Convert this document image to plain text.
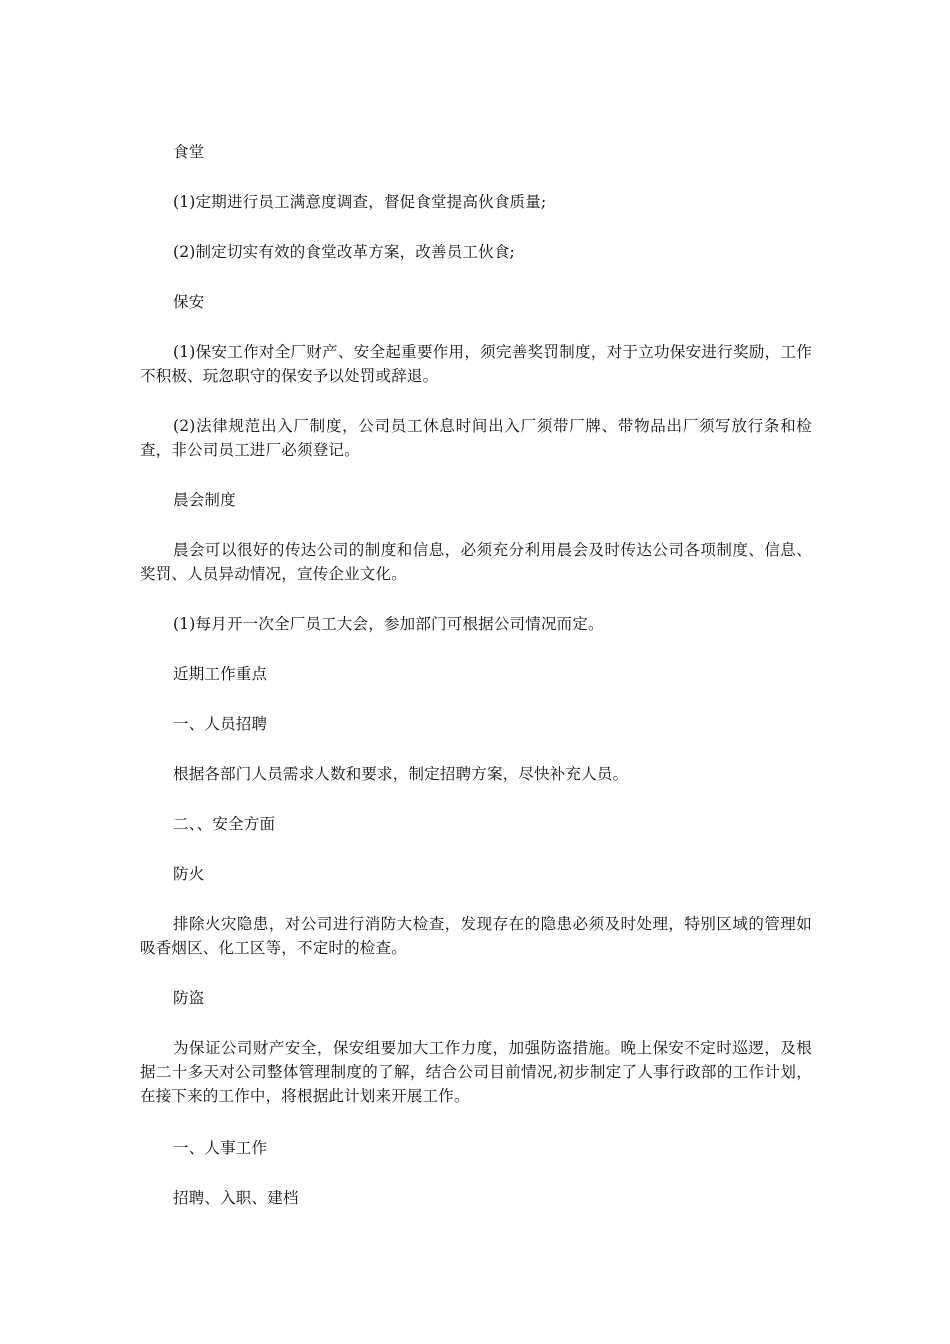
食堂

(1)定期进行员工满意度调查，督促食堂提高伙食质量;

(2)制定切实有效的食堂改革方案，改善员工伙食;

保安

(1)保安工作对全厂财产、安全起重要作用，须完善奖罚制度，对于立功保安进行奖励，工作不积极、玩忽职守的保安予以处罚或辞退。

(2)法律规范出入厂制度，公司员工休息时间出入厂须带厂牌、带物品出厂须写放行条和检查，非公司员工进厂必须登记。

晨会制度

晨会可以很好的传达公司的制度和信息，必须充分利用晨会及时传达公司各项制度、信息、奖罚、人员异动情况，宣传企业文化。

(1)每月开一次全厂员工大会，参加部门可根据公司情况而定。

近期工作重点

一、人员招聘

根据各部门人员需求人数和要求，制定招聘方案，尽快补充人员。

二、、安全方面

防火

排除火灾隐患，对公司进行消防大检查，发现存在的隐患必须及时处理，特别区域的管理如吸香烟区、化工区等，不定时的检查。

防盗

为保证公司财产安全，保安组要加大工作力度，加强防盗措施。晚上保安不定时巡逻，及根据二十多天对公司整体管理制度的了解，结合公司目前情况,初步制定了人事行政部的工作计划，在接下来的工作中，将根据此计划来开展工作。

一、人事工作

招聘、入职、建档
